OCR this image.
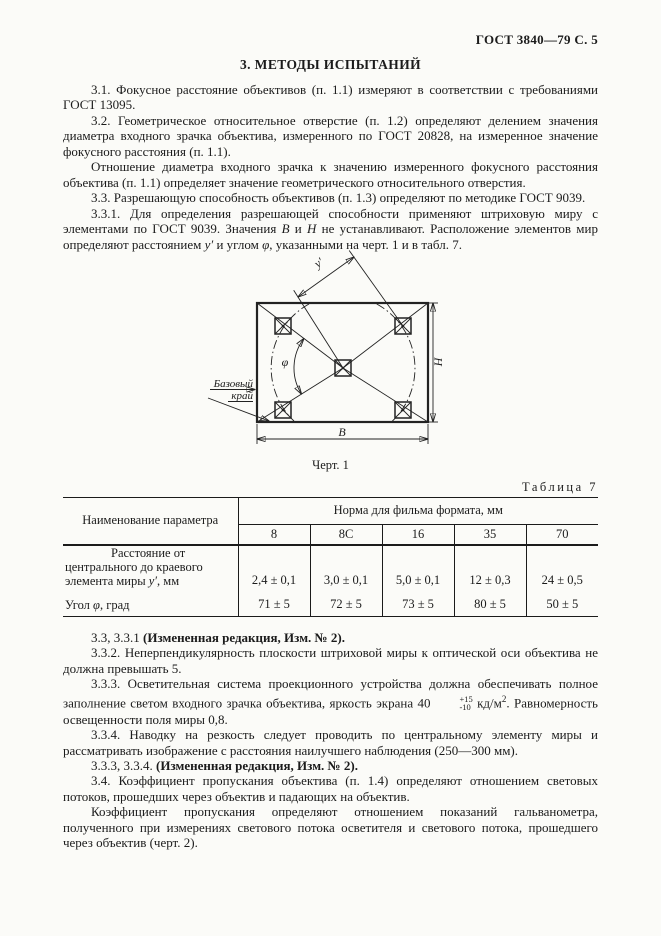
ГОСТ 3840—79 С. 5
3. МЕТОДЫ ИСПЫТАНИЙ

3.1. Фокусное расстояние объективов (п. 1.1) измеряют в соответствии с требованиями ГОСТ 13095.

3.2. Геометрическое относительное отверстие (п. 1.2) определяют делением значения диаметра входного зрачка объектива, измеренного по ГОСТ 20828, на измеренное значение фокусного расстояния (п. 1.1).

Отношение диаметра входного зрачка к значению измеренного фокусного расстояния объектива (п. 1.1) определяет значение геометрического относительного отверстия.

3.3. Разрешающую способность объективов (п. 1.3) определяют по методике ГОСТ 9039.

3.3.1. Для определения разрешающей способности применяют штриховую миру с элементами по ГОСТ 9039. Значения B и H не устанавливают. Расположение элементов мир определяют расстоянием y′ и углом φ, указанными на черт. 1 и в табл. 7.

φ
y′
H
B
Базовый
край
Черт. 1
Таблица 7
Наименование параметра	Норма для фильма формата, мм				
	8	8С	16	35	70

Расстояние от центрального до краевого элемента миры y′, мм	2,4 ± 0,1	3,0 ± 0,1	5,0 ± 0,1	12 ± 0,3	24 ± 0,5
Угол φ, град	71 ± 5	72 ± 5	73 ± 5	80 ± 5	50 ± 5

3.3, 3.3.1 (Измененная редакция, Изм. № 2).

3.3.2. Неперпендикулярность плоскости штриховой миры к оптической оси объектива не должна превышать 5.

3.3.3. Осветительная система проекционного устройства должна обеспечивать полное заполнение светом входного зрачка объектива, яркость экрана 40	+15
-10 $кд/м^2$. Равномерность освещенности поля миры 0,8.

3.3.4. Наводку на резкость следует проводить по центральному элементу миры и рассматривать изображение с расстояния наилучшего наблюдения (250—300 мм).

3.3.3, 3.3.4. (Измененная редакция, Изм. № 2).

3.4. Коэффициент пропускания объектива (п. 1.4) определяют отношением световых потоков, прошедших через объектив и падающих на объектив.

Коэффициент пропускания определяют отношением показаний гальванометра, полученного при измерениях светового потока осветителя и светового потока, прошедшего через объектив (черт. 2).
